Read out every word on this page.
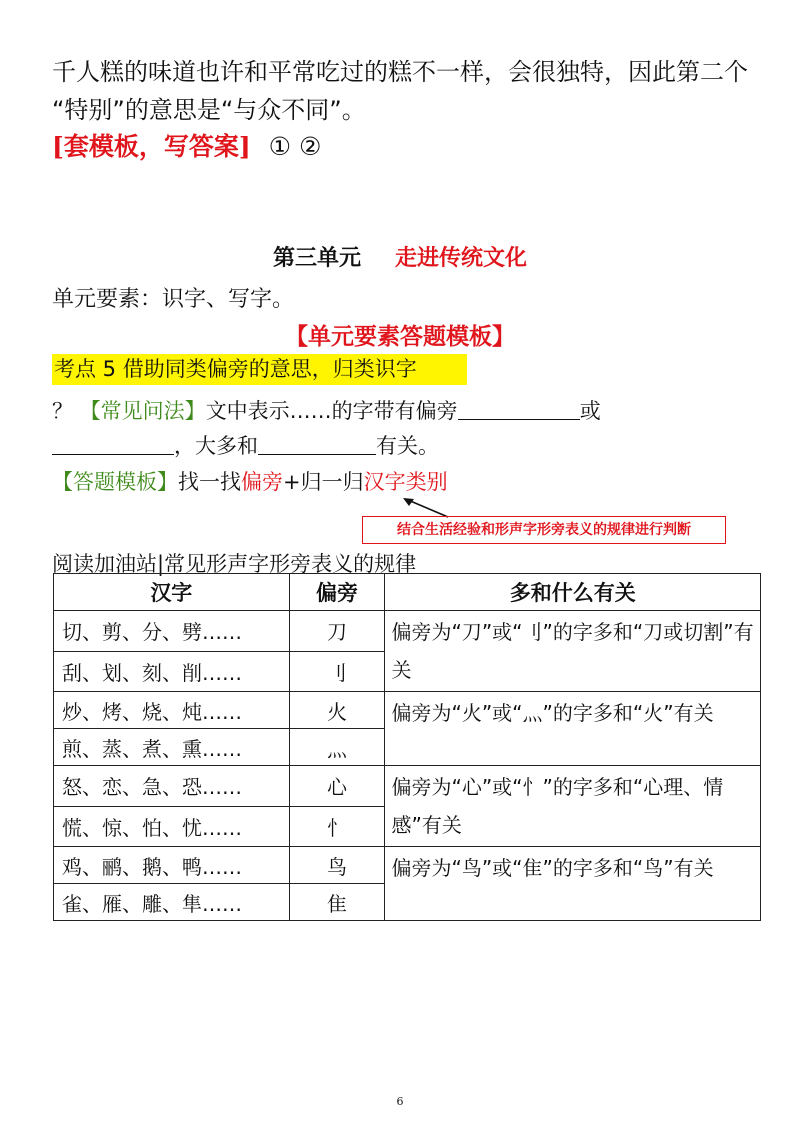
千人糕的味道也许和平常吃过的糕不一样，会很独特，因此第二个
“特别”的意思是“与众不同”。
[套模板，写答案] ① ②
第三单元 走进传统文化
单元要素：识字、写字。
【单元要素答题模板】
考点 5 借助同类偏旁的意思，归类识字
？ 【常见问法】文中表示……的字带有偏旁	或
，大多和	有关。
【答题模板】找一找偏旁+归一归汉字类别
结合生活经验和形声字形旁表义的规律进行判断
阅读加油站|常见形声字形旁表义的规律
汉字	偏旁	多和什么有关
切、剪、分、劈……	刀	偏旁为“刀”或“刂”的字多和“刀或切割”有关
刮、划、刻、削……	刂	
炒、烤、烧、炖……	火	偏旁为“火”或“灬”的字多和“火”有关
煎、蒸、煮、熏……	灬	
怒、恋、急、恐……	心	偏旁为“心”或“忄”的字多和“心理、情感”有关
慌、惊、怕、忧……	忄	
鸡、鹂、鹅、鸭……	鸟	偏旁为“鸟”或“隹”的字多和“鸟”有关
雀、雁、雕、隼……	隹	
6
